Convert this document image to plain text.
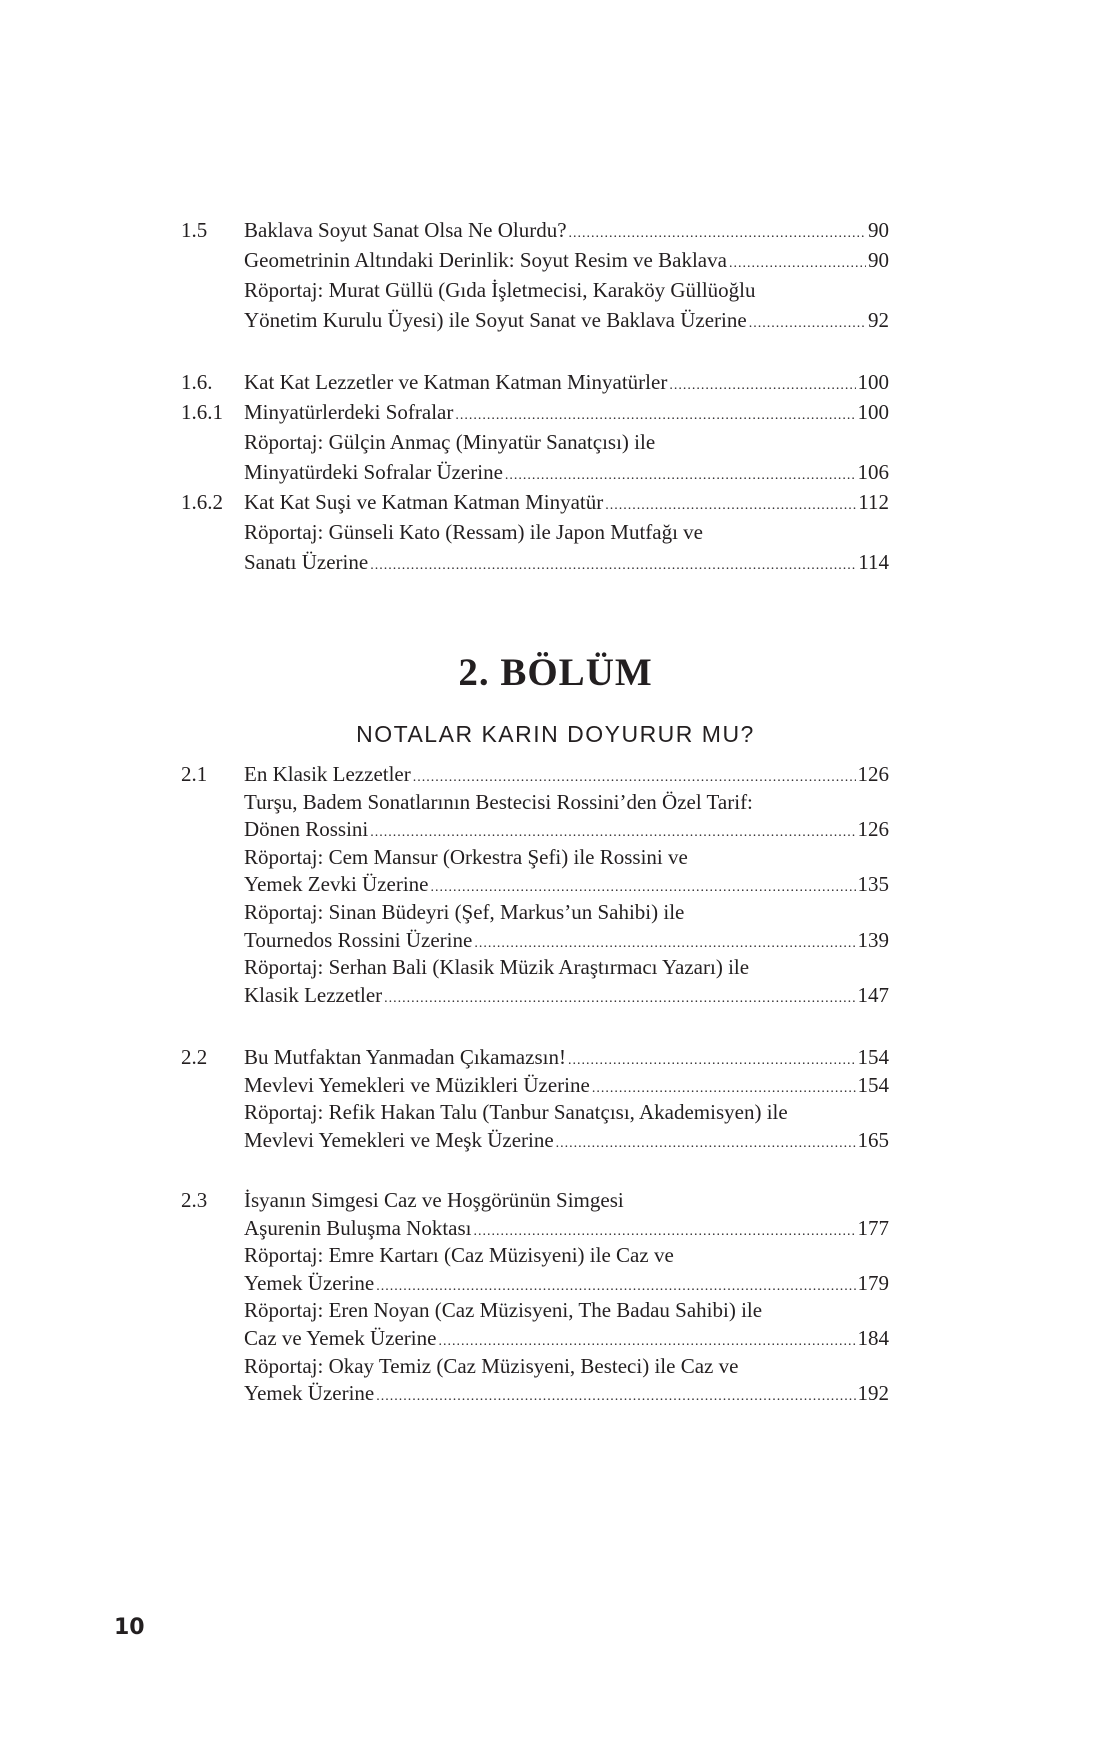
1.5 Baklava Soyut Sanat Olsa Ne Olurdu? .....	90
Geometrinin Altındaki Derinlik: Soyut Resim ve Baklava .....	90
Röportaj: Murat Güllü (Gıda İşletmecisi, Karaköy Güllüoğlu
Yönetim Kurulu Üyesi) ile Soyut Sanat ve Baklava Üzerine .....	92
1.6. Kat Kat Lezzetler ve Katman Katman Minyatürler .....	100
1.6.1 Minyatürlerdeki Sofralar .....	100
Röportaj: Gülçin Anmaç (Minyatür Sanatçısı) ile
Minyatürdeki Sofralar Üzerine .....	106
1.6.2 Kat Kat Suşi ve Katman Katman Minyatür .....	112
Röportaj: Günseli Kato (Ressam) ile Japon Mutfağı ve
Sanatı Üzerine .....	114
2. BÖLÜM
NOTALAR KARIN DOYURUR MU?
2.1 En Klasik Lezzetler .....	126
Turşu, Badem Sonatlarının Bestecisi Rossini’den Özel Tarif:
Dönen Rossini .....	126
Röportaj: Cem Mansur (Orkestra Şefi) ile Rossini ve
Yemek Zevki Üzerine .....	135
Röportaj: Sinan Büdeyri (Şef, Markus’un Sahibi) ile
Tournedos Rossini Üzerine .....	139
Röportaj: Serhan Bali (Klasik Müzik Araştırmacı Yazarı) ile
Klasik Lezzetler .....	147
2.2 Bu Mutfaktan Yanmadan Çıkamazsın! .....	154
Mevlevi Yemekleri ve Müzikleri Üzerine .....	154
Röportaj: Refik Hakan Talu (Tanbur Sanatçısı, Akademisyen) ile
Mevlevi Yemekleri ve Meşk Üzerine .....	165
2.3 İsyanın Simgesi Caz ve Hoşgörünün Simgesi
Aşurenin Buluşma Noktası .....	177
Röportaj: Emre Kartarı (Caz Müzisyeni) ile Caz ve
Yemek Üzerine .....	179
Röportaj: Eren Noyan (Caz Müzisyeni, The Badau Sahibi) ile
Caz ve Yemek Üzerine .....	184
Röportaj: Okay Temiz (Caz Müzisyeni, Besteci) ile Caz ve
Yemek Üzerine .....	192
10
